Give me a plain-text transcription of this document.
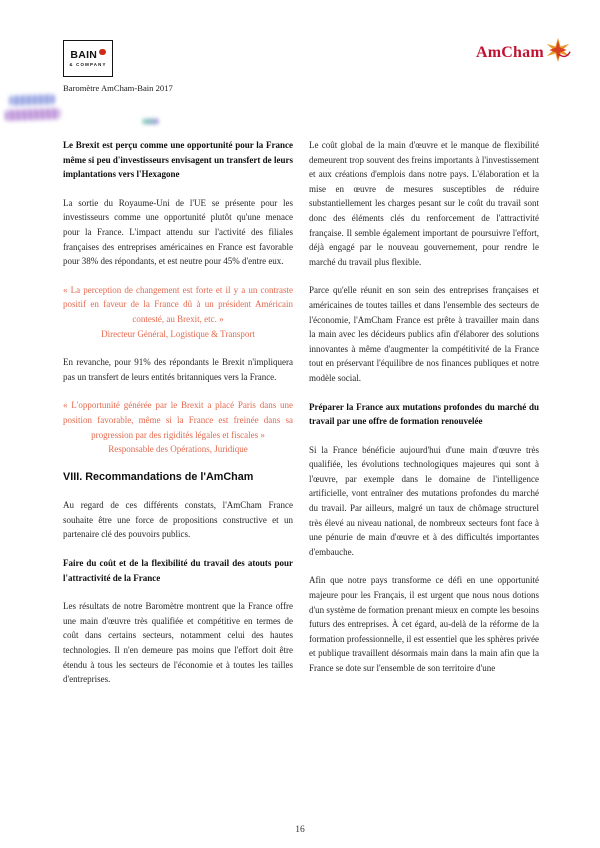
BAIN
& COMPANY
Baromètre AmCham-Bain 2017
AmCham

Le Brexit est perçu comme une opportunité pour la France même si peu d'investisseurs envisagent un transfert de leurs implantations vers l'Hexagone

La sortie du Royaume-Uni de l'UE se présente pour les investisseurs comme une opportunité plutôt qu'une menace pour la France. L'impact attendu sur l'activité des filiales françaises des entreprises américaines en France est favorable pour 38% des répondants, et est neutre pour 45% d'entre eux.

« La perception de changement est forte et il y a un contraste positif en faveur de la France dû à un président Américain contesté, au Brexit, etc. »

Directeur Général, Logistique & Transport

En revanche, pour 91% des répondants le Brexit n'impliquera pas un transfert de leurs entités britanniques vers la France.

« L'opportunité générée par le Brexit a placé Paris dans une position favorable, même si la France est freinée dans sa progression par des rigidités légales et fiscales »

Responsable des Opérations, Juridique

VIII. Recommandations de l'AmCham

Au regard de ces différents constats, l'AmCham France souhaite être une force de propositions constructive et un partenaire clé des pouvoirs publics.

Faire du coût et de la flexibilité du travail des atouts pour l'attractivité de la France

Les résultats de notre Baromètre montrent que la France offre une main d'œuvre très qualifiée et compétitive en termes de coût dans certains secteurs, notamment celui des hautes technologies. Il n'en demeure pas moins que l'effort doit être étendu à tous les secteurs de l'économie et à toutes les tailles d'entreprises.

Le coût global de la main d'œuvre et le manque de flexibilité demeurent trop souvent des freins importants à l'investissement et aux créations d'emplois dans notre pays. L'élaboration et la mise en œuvre de mesures susceptibles de réduire substantiellement les charges pesant sur le coût du travail sont donc des éléments clés du renforcement de l'attractivité française. Il semble également important de poursuivre l'effort, déjà engagé par le nouveau gouvernement, pour rendre le marché du travail plus flexible.

Parce qu'elle réunit en son sein des entreprises françaises et américaines de toutes tailles et dans l'ensemble des secteurs de l'économie, l'AmCham France est prête à travailler main dans la main avec les décideurs publics afin d'élaborer des solutions innovantes à même d'augmenter la compétitivité de la France tout en préservant l'équilibre de nos finances publiques et notre modèle social.

Préparer la France aux mutations profondes du marché du travail par une offre de formation renouvelée

Si la France bénéficie aujourd'hui d'une main d'œuvre très qualifiée, les évolutions technologiques majeures qui sont à l'œuvre, par exemple dans le domaine de l'intelligence artificielle, vont entraîner des mutations profondes du marché du travail. Par ailleurs, malgré un taux de chômage structurel très élevé au niveau national, de nombreux secteurs font face à une pénurie de main d'œuvre et à des difficultés importantes d'embauche.

Afin que notre pays transforme ce défi en une opportunité majeure pour les Français, il est urgent que nous nous dotions d'un système de formation prenant mieux en compte les besoins futurs des entreprises. À cet égard, au-delà de la réforme de la formation professionnelle, il est essentiel que les sphères privée et publique travaillent désormais main dans la main afin que la France se dote sur l'ensemble de son territoire d'une

16
